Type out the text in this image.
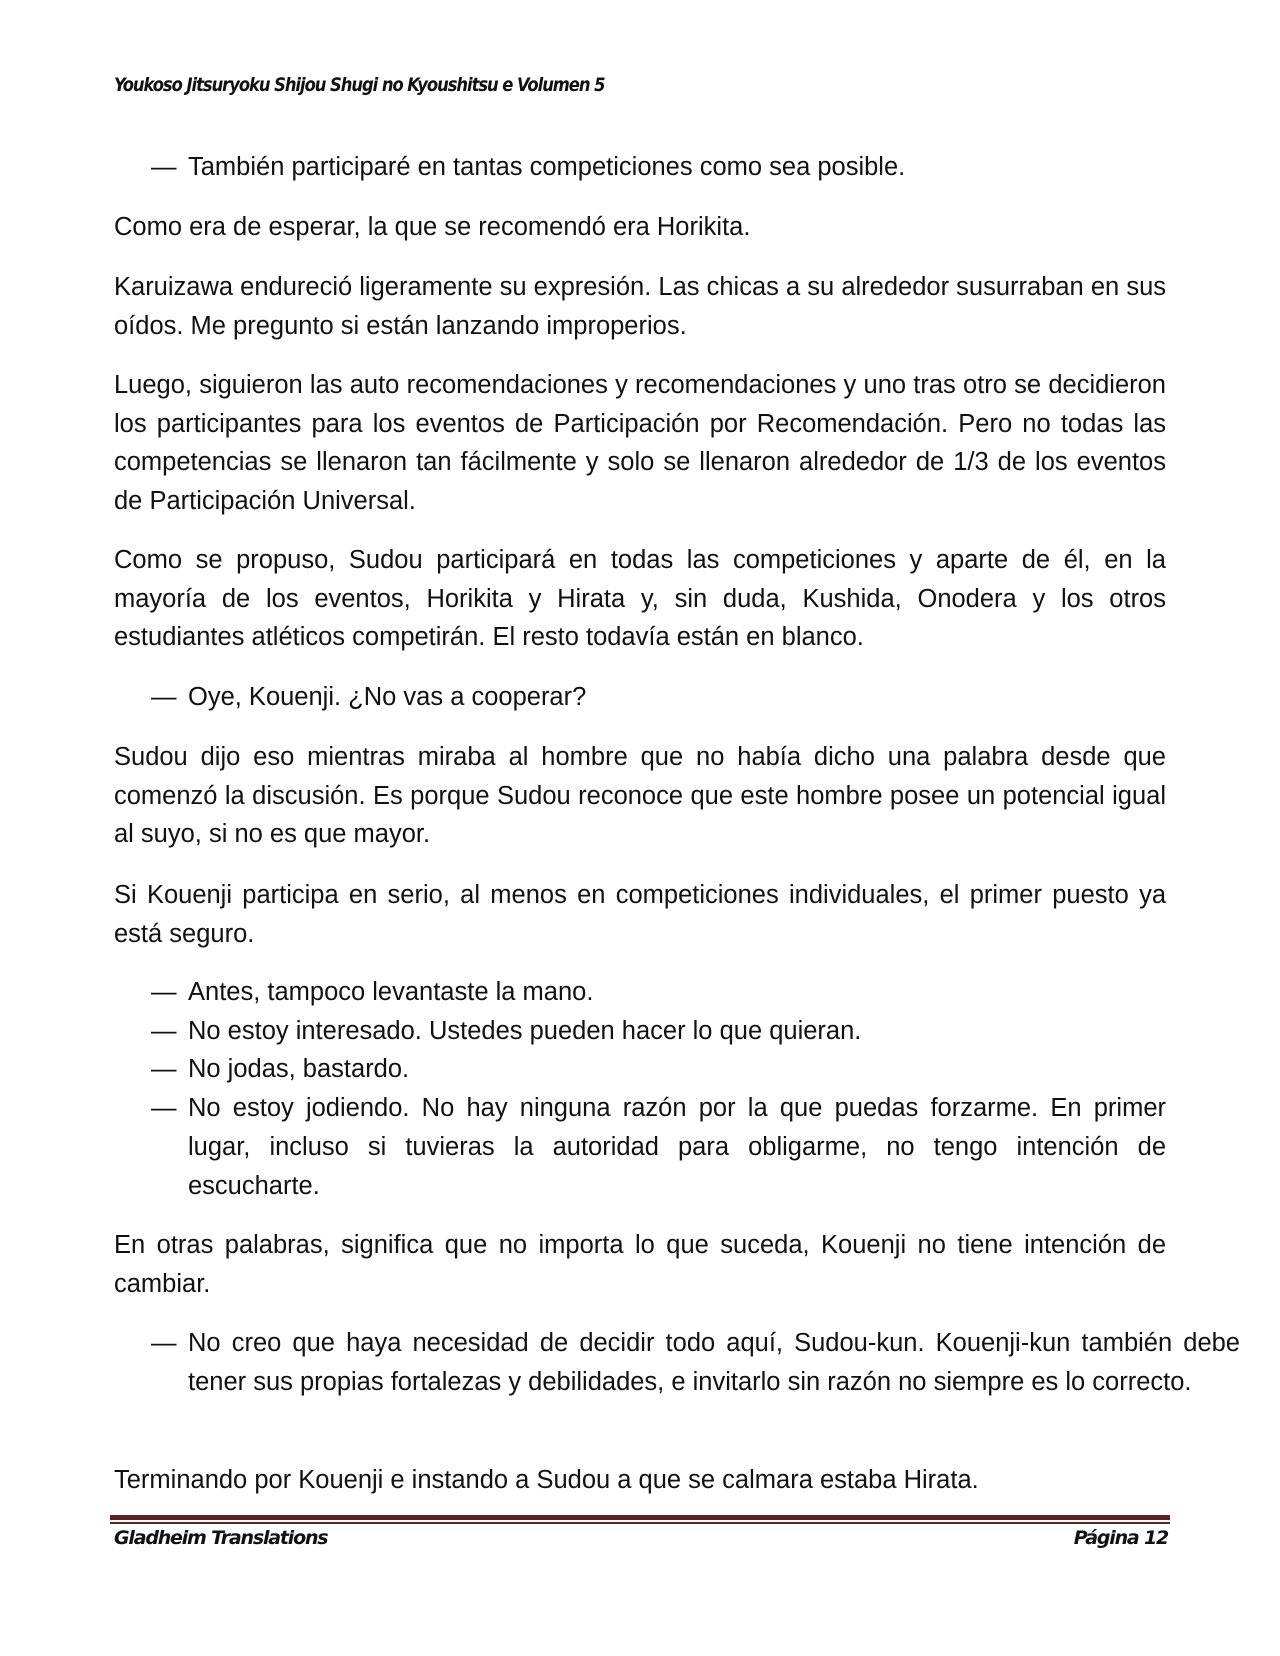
Youkoso Jitsuryoku Shijou Shugi no Kyoushitsu e Volumen 5
— También participaré en tantas competiciones como sea posible.
Como era de esperar, la que se recomendó era Horikita.
Karuizawa endureció ligeramente su expresión. Las chicas a su alrededor susurraban en sus oídos. Me pregunto si están lanzando improperios.
Luego, siguieron las auto recomendaciones y recomendaciones y uno tras otro se decidieron los participantes para los eventos de Participación por Recomendación. Pero no todas las competencias se llenaron tan fácilmente y solo se llenaron alrededor de 1/3 de los eventos de Participación Universal.
Como se propuso, Sudou participará en todas las competiciones y aparte de él, en la mayoría de los eventos, Horikita y Hirata y, sin duda, Kushida, Onodera y los otros estudiantes atléticos competirán. El resto todavía están en blanco.
— Oye, Kouenji. ¿No vas a cooperar?
Sudou dijo eso mientras miraba al hombre que no había dicho una palabra desde que comenzó la discusión. Es porque Sudou reconoce que este hombre posee un potencial igual al suyo, si no es que mayor.
Si Kouenji participa en serio, al menos en competiciones individuales, el primer puesto ya está seguro.
— Antes, tampoco levantaste la mano.
— No estoy interesado. Ustedes pueden hacer lo que quieran.
— No jodas, bastardo.
— No estoy jodiendo. No hay ninguna razón por la que puedas forzarme. En primer lugar, incluso si tuvieras la autoridad para obligarme, no tengo intención de escucharte.
En otras palabras, significa que no importa lo que suceda, Kouenji no tiene intención de cambiar.
— No creo que haya necesidad de decidir todo aquí, Sudou-kun. Kouenji-kun también debe tener sus propias fortalezas y debilidades, e invitarlo sin razón no siempre es lo correcto.
Terminando por Kouenji e instando a Sudou a que se calmara estaba Hirata.
Gladheim Translations	Página 12
